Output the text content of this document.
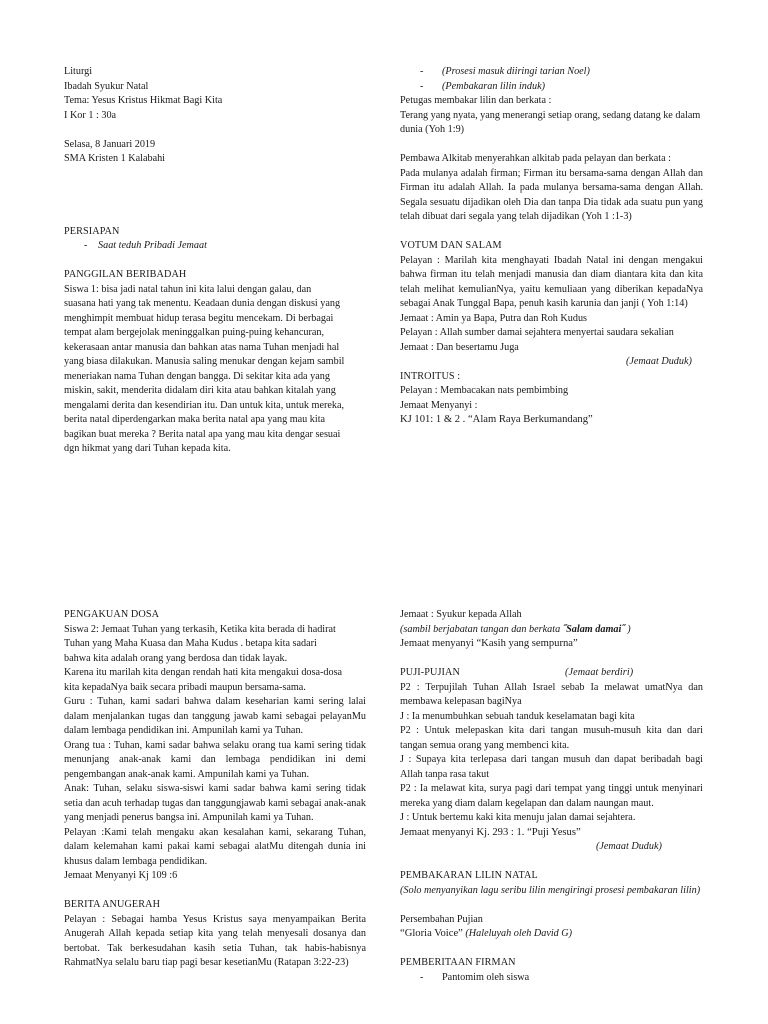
Liturgi

Ibadah Syukur Natal

Tema: Yesus Kristus Hikmat Bagi Kita

I Kor 1 : 30a

Selasa, 8 Januari 2019

SMA Kristen 1 Kalabahi

PERSIAPAN

-	Saat teduh Pribadi Jemaat

PANGGILAN BERIBADAH

Siswa 1: bisa jadi natal tahun ini kita lalui dengan galau, dan

suasana hati yang tak menentu. Keadaan dunia dengan diskusi yang

menghimpit membuat hidup terasa begitu mencekam. Di berbagai

tempat alam bergejolak meninggalkan puing-puing kehancuran,

kekerasaan antar manusia dan bahkan atas nama Tuhan menjadi hal

yang biasa dilakukan. Manusia saling menukar dengan kejam sambil

meneriakan nama Tuhan dengan bangga. Di sekitar kita ada yang

miskin, sakit, menderita didalam diri kita atau bahkan kitalah yang

mengalami derita dan kesendirian itu. Dan untuk kita, untuk mereka,

berita natal diperdengarkan maka berita natal apa yang mau kita

bagikan buat mereka ? Berita natal apa yang mau kita dengar sesuai

dgn hikmat yang dari Tuhan kepada kita.

-	(Prosesi masuk diiringi tarian Noel)
-	(Pembakaran lilin induk)

Petugas membakar lilin dan berkata :

Terang yang nyata, yang menerangi setiap orang, sedang datang ke dalam dunia (Yoh 1:9)

Pembawa Alkitab menyerahkan alkitab pada pelayan dan berkata :

Pada mulanya adalah firman; Firman itu bersama-sama dengan Allah dan Firman itu adalah Allah. Ia pada mulanya bersama-sama dengan Allah. Segala sesuatu dijadikan oleh Dia dan tanpa Dia tidak ada suatu pun yang telah dibuat dari segala yang telah dijadikan (Yoh 1 :1-3)

VOTUM DAN SALAM

Pelayan : Marilah kita menghayati Ibadah Natal ini dengan mengakui bahwa firman itu telah menjadi manusia dan diam diantara kita dan kita telah melihat kemulianNya, yaitu kemuliaan yang diberikan kepadaNya sebagai Anak Tunggal Bapa, penuh kasih karunia dan janji ( Yoh 1:14)

Jemaat : Amin ya Bapa, Putra dan Roh Kudus

Pelayan : Allah sumber damai sejahtera menyertai saudara sekalian

Jemaat : Dan besertamu Juga

(Jemaat Duduk)

INTROITUS :

Pelayan : Membacakan nats pembimbing

Jemaat Menyanyi :

KJ 101: 1 & 2 . “Alam Raya Berkumandang”

PENGAKUAN DOSA

Siswa 2: Jemaat Tuhan yang terkasih, Ketika kita berada di hadirat

Tuhan yang Maha Kuasa dan Maha Kudus . betapa kita sadari

bahwa kita adalah orang yang berdosa dan tidak layak.

Karena itu marilah kita dengan rendah hati kita mengakui dosa-dosa

kita kepadaNya baik secara pribadi maupun bersama-sama.

Guru : Tuhan, kami sadari bahwa dalam keseharian kami sering lalai dalam menjalankan tugas dan tanggung jawab kami sebagai pelayanMu dalam lembaga pendidikan ini. Ampunilah kami ya Tuhan.

Orang tua : Tuhan, kami sadar bahwa selaku orang tua kami sering tidak menunjang anak-anak kami dan lembaga pendidikan ini demi pengembangan anak-anak kami. Ampunilah kami ya Tuhan.

Anak: Tuhan, selaku siswa-siswi kami sadar bahwa kami sering tidak setia dan acuh terhadap tugas dan tanggungjawab kami sebagai anak-anak yang menjadi penerus bangsa ini. Ampunilah kami ya Tuhan.

Pelayan :Kami telah mengaku akan kesalahan kami, sekarang Tuhan, dalam kelemahan kami pakai kami sebagai alatMu ditengah dunia ini khusus dalam lembaga pendidikan.

Jemaat Menyanyi Kj 109 :6

BERITA ANUGERAH

Pelayan : Sebagai hamba Yesus Kristus saya menyampaikan Berita Anugerah Allah kepada setiap kita yang telah menyesali dosanya dan bertobat. Tak berkesudahan kasih setia Tuhan, tak habis-habisnya RahmatNya selalu baru tiap pagi besar kesetianMu (Ratapan 3:22-23)

Jemaat : Syukur kepada Allah

(sambil berjabatan tangan dan berkata ˝Salam damai˝ )

Jemaat menyanyi “Kasih yang sempurna”

PUJI-PUJIAN	(Jemaat berdiri)

P2 : Terpujilah Tuhan Allah Israel sebab Ia melawat umatNya dan membawa kelepasan bagiNya

J : Ia menumbuhkan sebuah tanduk keselamatan bagi kita

P2 : Untuk melepaskan kita dari tangan musuh-musuh kita dan dari tangan semua orang yang membenci kita.

J : Supaya kita terlepasa dari tangan musuh dan dapat beribadah bagi Allah tanpa rasa takut

P2 : Ia melawat kita, surya pagi dari tempat yang tinggi untuk menyinari mereka yang diam dalam kegelapan dan dalam naungan maut.

J : Untuk bertemu kaki kita menuju jalan damai sejahtera.

Jemaat menyanyi Kj. 293 : 1. “Puji Yesus”

(Jemaat Duduk)

PEMBAKARAN LILIN NATAL

(Solo menyanyikan lagu seribu lilin mengiringi prosesi pembakaran lilin)

Persembahan Pujian

“Gloria Voice” (Haleluyah oleh David G)

PEMBERITAAN FIRMAN

-	Pantomim oleh siswa
